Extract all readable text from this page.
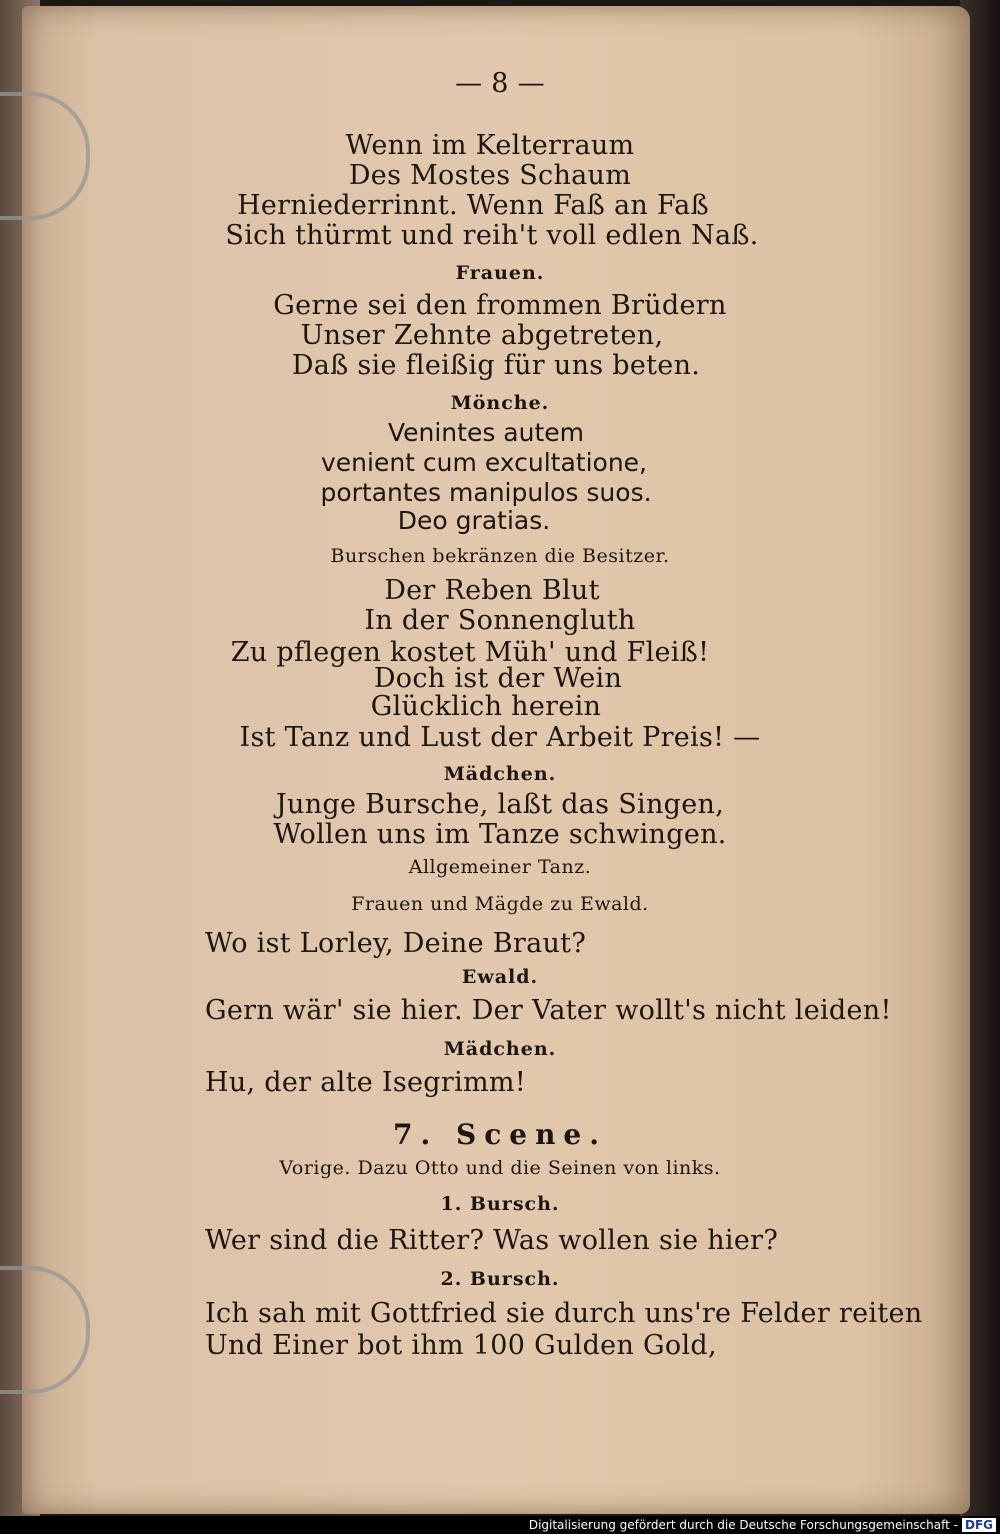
— 8 —
Wenn im Kelterraum
Des Mostes Schaum
Herniederrinnt. Wenn Faß an Faß
Sich thürmt und reih't voll edlen Naß.
Frauen.
Gerne sei den frommen Brüdern
Unser Zehnte abgetreten,
Daß sie fleißig für uns beten.
Mönche.
Venintes autem
venient cum excultatione,
portantes manipulos suos.
Deo gratias.
Burschen bekränzen die Besitzer.
Der Reben Blut
In der Sonnengluth
Zu pflegen kostet Müh' und Fleiß!
Doch ist der Wein
Glücklich herein
Ist Tanz und Lust der Arbeit Preis! —
Mädchen.
Junge Bursche, laßt das Singen,
Wollen uns im Tanze schwingen.
Allgemeiner Tanz.
Frauen und Mägde zu Ewald.
Wo ist Lorley, Deine Braut?
Ewald.
Gern wär' sie hier. Der Vater wollt's nicht leiden!
Mädchen.
Hu, der alte Isegrimm!
7. Scene.
Vorige. Dazu Otto und die Seinen von links.
1. Bursch.
Wer sind die Ritter? Was wollen sie hier?
2. Bursch.
Ich sah mit Gottfried sie durch uns're Felder reiten
Und Einer bot ihm 100 Gulden Gold,
Digitalisierung gefördert durch die Deutsche Forschungsgemeinschaft - DFG
